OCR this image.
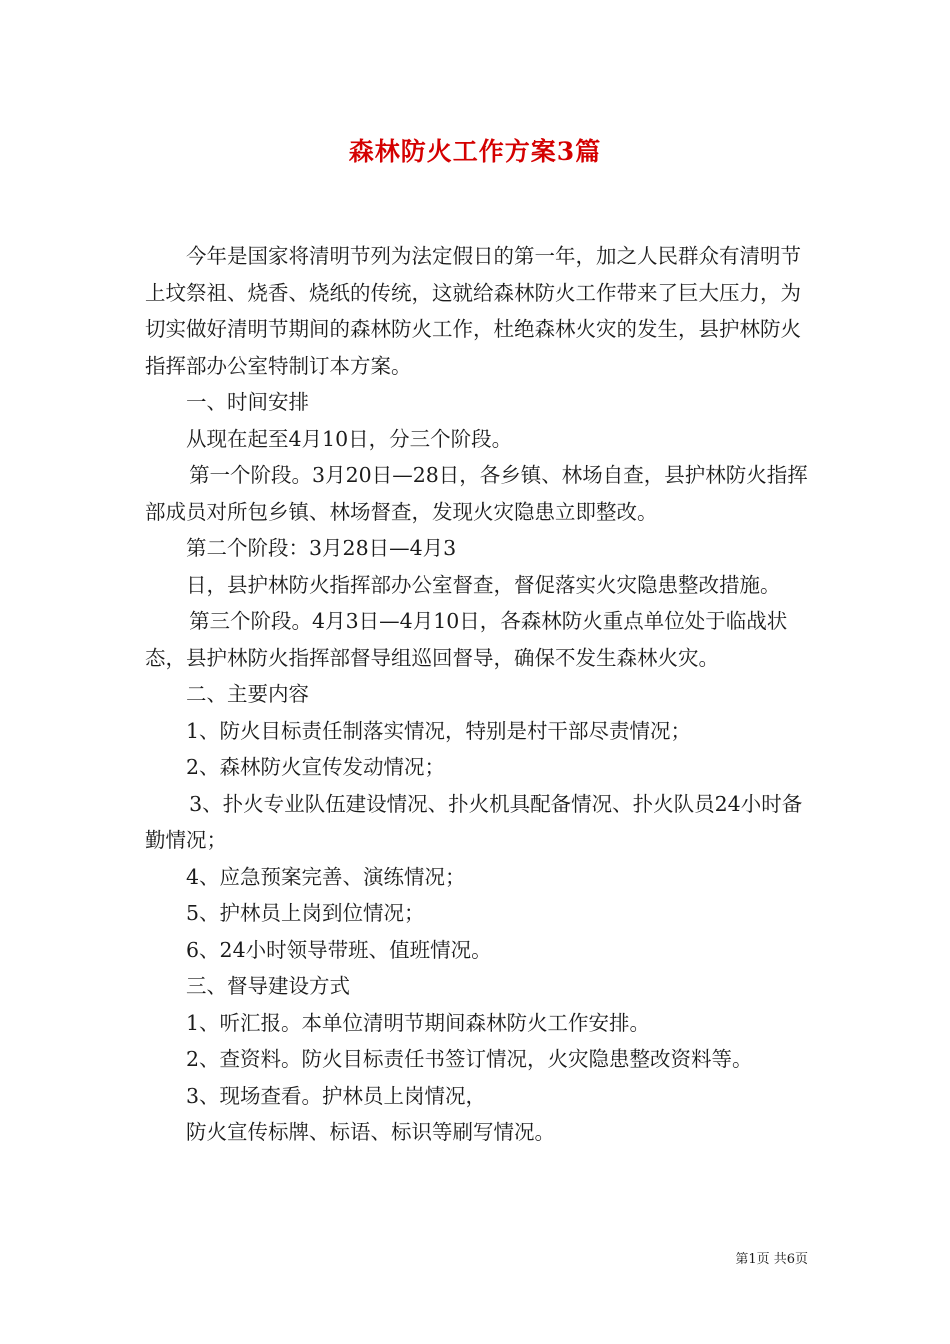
森林防火工作方案3篇

今年是国家将清明节列为法定假日的第一年，加之人民群众有清明节上坟祭祖、烧香、烧纸的传统，这就给森林防火工作带来了巨大压力，为切实做好清明节期间的森林防火工作，杜绝森林火灾的发生，县护林防火指挥部办公室特制订本方案。

一、时间安排

从现在起至4月10日，分三个阶段。

第一个阶段。3月20日—28日，各乡镇、林场自查，县护林防火指挥部成员对所包乡镇、林场督查，发现火灾隐患立即整改。

第二个阶段：3月28日—4月3

日，县护林防火指挥部办公室督查，督促落实火灾隐患整改措施。

第三个阶段。4月3日—4月10日，各森林防火重点单位处于临战状态，县护林防火指挥部督导组巡回督导，确保不发生森林火灾。

二、主要内容

1、防火目标责任制落实情况，特别是村干部尽责情况；

2、森林防火宣传发动情况；

3、扑火专业队伍建设情况、扑火机具配备情况、扑火队员24小时备勤情况；

4、应急预案完善、演练情况；

5、护林员上岗到位情况；

6、24小时领导带班、值班情况。

三、督导建设方式

1、听汇报。本单位清明节期间森林防火工作安排。

2、查资料。防火目标责任书签订情况，火灾隐患整改资料等。

3、现场查看。护林员上岗情况，

防火宣传标牌、标语、标识等刷写情况。

第1页 共6页
